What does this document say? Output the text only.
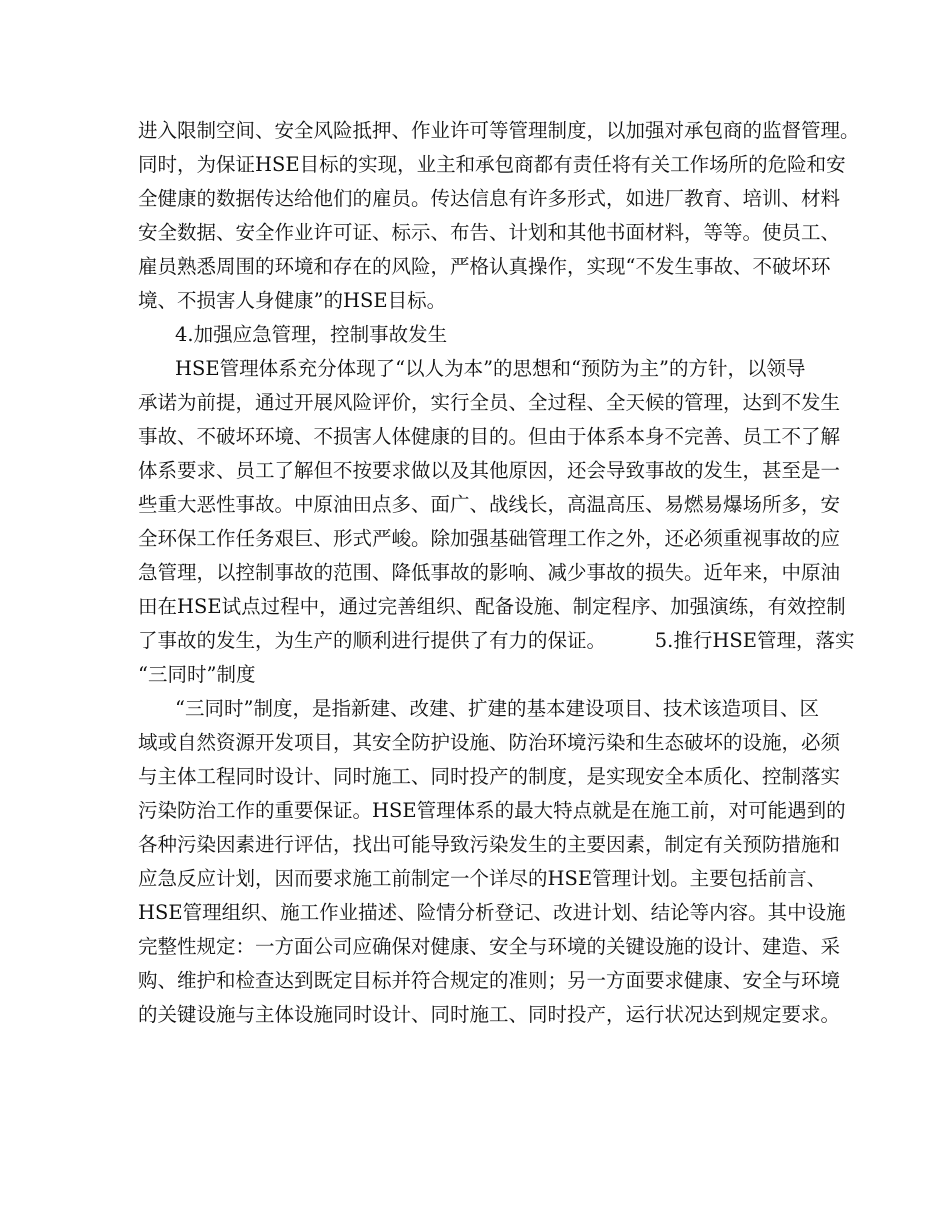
进入限制空间、安全风险抵押、作业许可等管理制度，以加强对承包商的监督管理。
同时，为保证HSE目标的实现，业主和承包商都有责任将有关工作场所的危险和安
全健康的数据传达给他们的雇员。传达信息有许多形式，如进厂教育、培训、材料
安全数据、安全作业许可证、标示、布告、计划和其他书面材料，等等。使员工、
雇员熟悉周围的环境和存在的风险，严格认真操作，实现“不发生事故、不破坏环
境、不损害人身健康”的HSE目标。
4.加强应急管理，控制事故发生
HSE管理体系充分体现了“以人为本”的思想和“预防为主”的方针，以领导
承诺为前提，通过开展风险评价，实行全员、全过程、全天候的管理，达到不发生
事故、不破坏环境、不损害人体健康的目的。但由于体系本身不完善、员工不了解
体系要求、员工了解但不按要求做以及其他原因，还会导致事故的发生，甚至是一
些重大恶性事故。中原油田点多、面广、战线长，高温高压、易燃易爆场所多，安
全环保工作任务艰巨、形式严峻。除加强基础管理工作之外，还必须重视事故的应
急管理，以控制事故的范围、降低事故的影响、减少事故的损失。近年来，中原油
田在HSE试点过程中，通过完善组织、配备设施、制定程序、加强演练，有效控制
了事故的发生，为生产的顺利进行提供了有力的保证。　　　5.推行HSE管理，落实
“三同时”制度
“三同时”制度，是指新建、改建、扩建的基本建设项目、技术该造项目、区
域或自然资源开发项目，其安全防护设施、防治环境污染和生态破坏的设施，必须
与主体工程同时设计、同时施工、同时投产的制度，是实现安全本质化、控制落实
污染防治工作的重要保证。HSE管理体系的最大特点就是在施工前，对可能遇到的
各种污染因素进行评估，找出可能导致污染发生的主要因素，制定有关预防措施和
应急反应计划，因而要求施工前制定一个详尽的HSE管理计划。主要包括前言、
HSE管理组织、施工作业描述、险情分析登记、改进计划、结论等内容。其中设施
完整性规定：一方面公司应确保对健康、安全与环境的关键设施的设计、建造、采
购、维护和检查达到既定目标并符合规定的准则；另一方面要求健康、安全与环境
的关键设施与主体设施同时设计、同时施工、同时投产，运行状况达到规定要求。
